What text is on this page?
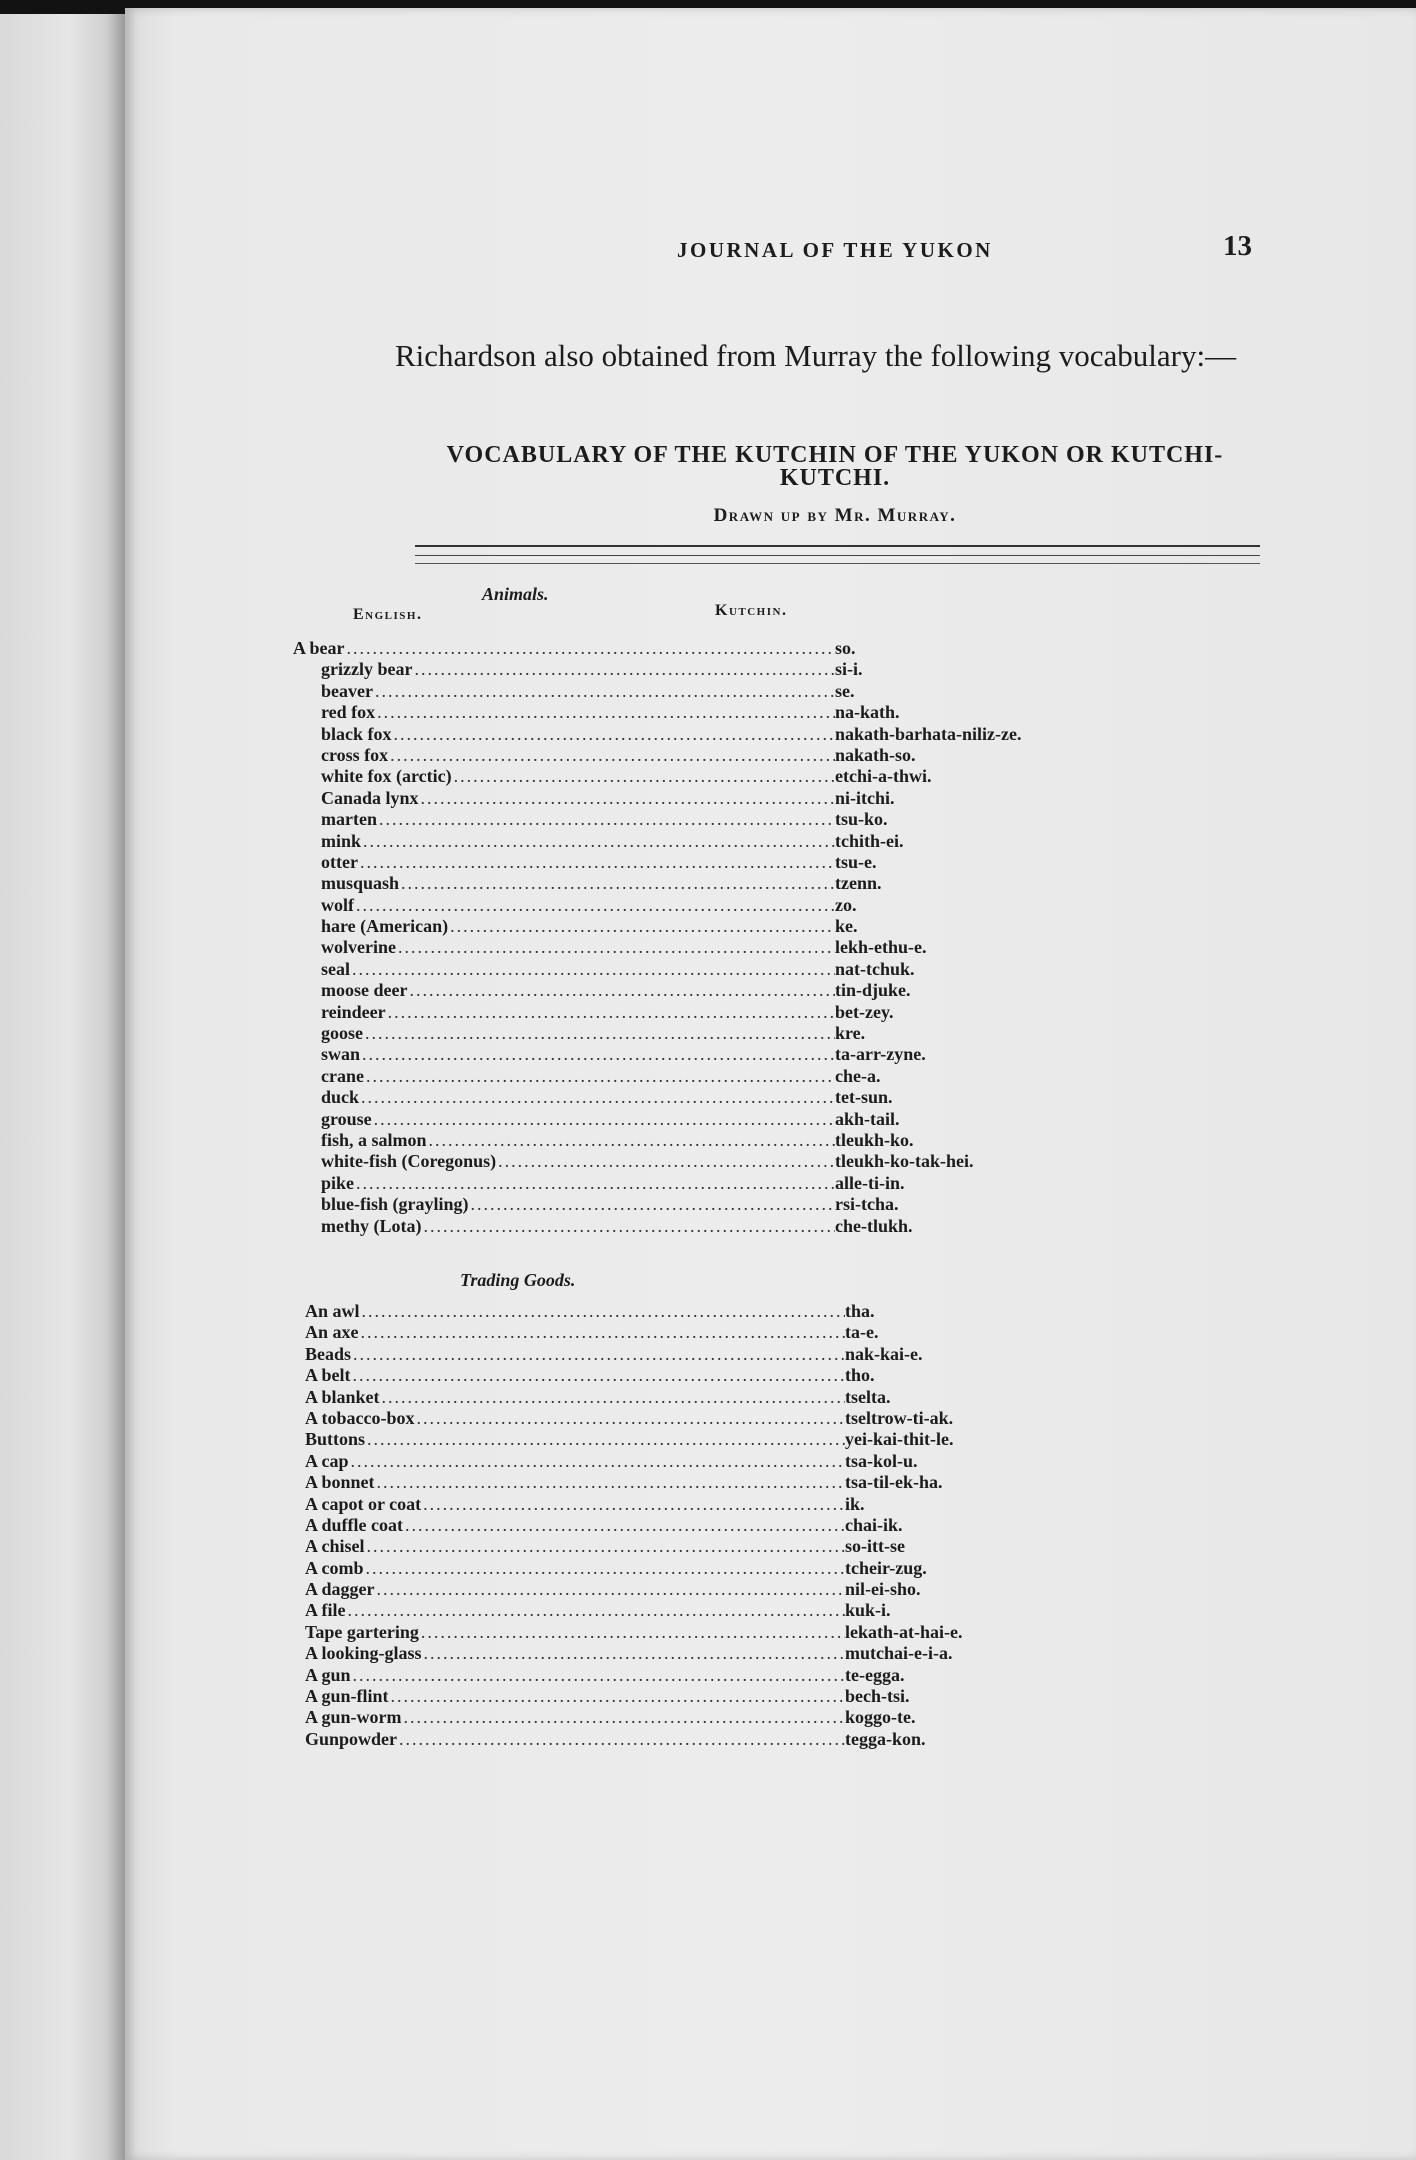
JOURNAL OF THE YUKON	13
Richardson also obtained from Murray the following vocabulary:—
VOCABULARY OF THE KUTCHIN OF THE YUKON OR KUTCHI-KUTCHI.
Drawn up by Mr. Murray.
Animals.
English.	Kutchin.
A bear .....	so.
grizzly bear .....	si-i.
beaver .....	se.
red fox .....	na-kath.
black fox .....	nakath-barhata-niliz-ze.
cross fox .....	nakath-so.
white fox (arctic) .....	etchi-a-thwi.
Canada lynx .....	ni-itchi.
marten .....	tsu-ko.
mink .....	tchith-ei.
otter .....	tsu-e.
musquash .....	tzenn.
wolf .....	zo.
hare (American) .....	ke.
wolverine .....	lekh-ethu-e.
seal .....	nat-tchuk.
moose deer .....	tin-djuke.
reindeer .....	bet-zey.
goose .....	kre.
swan .....	ta-arr-zyne.
crane .....	che-a.
duck .....	tet-sun.
grouse .....	akh-tail.
fish, a salmon .....	tleukh-ko.
white-fish (Coregonus) .....	tleukh-ko-tak-hei.
pike .....	alle-ti-in.
blue-fish (grayling) .....	rsi-tcha.
methy (Lota) .....	che-tlukh.
Trading Goods.
An awl .....	tha.
An axe .....	ta-e.
Beads .....	nak-kai-e.
A belt .....	tho.
A blanket .....	tselta.
A tobacco-box .....	tseltrow-ti-ak.
Buttons .....	yei-kai-thit-le.
A cap .....	tsa-kol-u.
A bonnet .....	tsa-til-ek-ha.
A capot or coat .....	ik.
A duffle coat .....	chai-ik.
A chisel .....	so-itt-se
A comb .....	tcheir-zug.
A dagger .....	nil-ei-sho.
A file .....	kuk-i.
Tape gartering .....	lekath-at-hai-e.
A looking-glass .....	mutchai-e-i-a.
A gun .....	te-egga.
A gun-flint .....	bech-tsi.
A gun-worm .....	koggo-te.
Gunpowder .....	tegga-kon.
